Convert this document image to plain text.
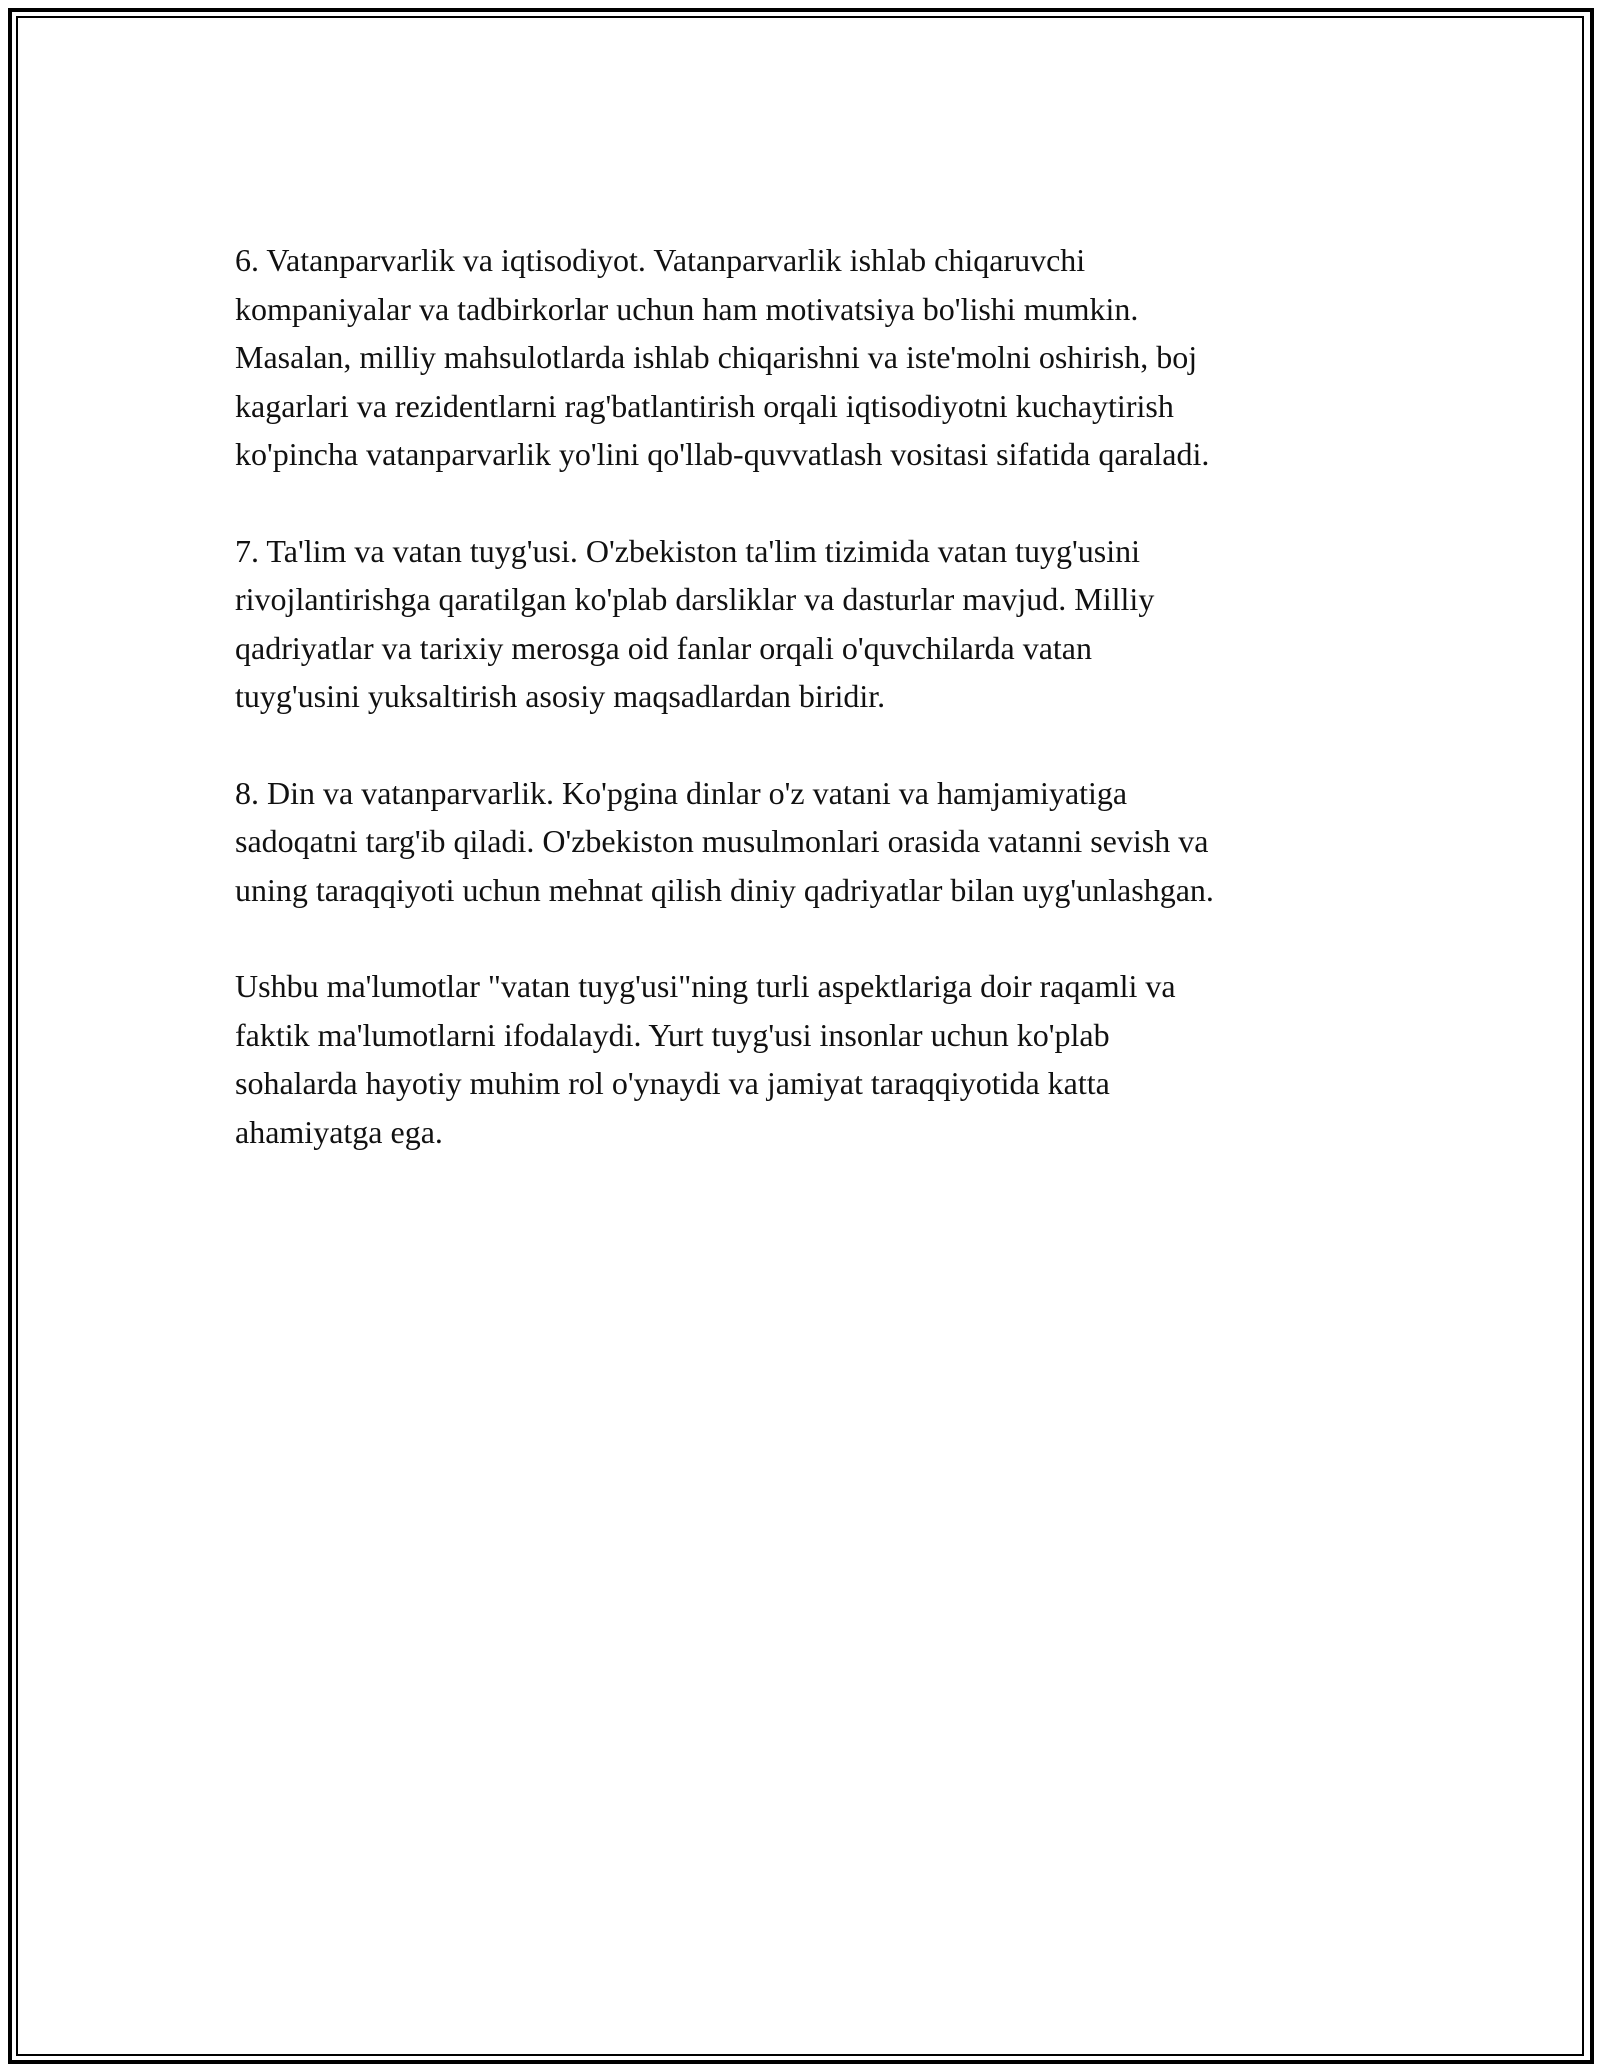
6. Vatanparvarlik va iqtisodiyot. Vatanparvarlik ishlab chiqaruvchi
kompaniyalar va tadbirkorlar uchun ham motivatsiya bo'lishi mumkin.
Masalan, milliy mahsulotlarda ishlab chiqarishni va iste'molni oshirish, boj
kagarlari va rezidentlarni rag'batlantirish orqali iqtisodiyotni kuchaytirish
ko'pincha vatanparvarlik yo'lini qo'llab-quvvatlash vositasi sifatida qaraladi.

7. Ta'lim va vatan tuyg'usi. O'zbekiston ta'lim tizimida vatan tuyg'usini
rivojlantirishga qaratilgan ko'plab darsliklar va dasturlar mavjud. Milliy
qadriyatlar va tarixiy merosga oid fanlar orqali o'quvchilarda vatan
tuyg'usini yuksaltirish asosiy maqsadlardan biridir.

8. Din va vatanparvarlik. Ko'pgina dinlar o'z vatani va hamjamiyatiga
sadoqatni targ'ib qiladi. O'zbekiston musulmonlari orasida vatanni sevish va
uning taraqqiyoti uchun mehnat qilish diniy qadriyatlar bilan uyg'unlashgan.

Ushbu ma'lumotlar "vatan tuyg'usi"ning turli aspektlariga doir raqamli va
faktik ma'lumotlarni ifodalaydi. Yurt tuyg'usi insonlar uchun ko'plab
sohalarda hayotiy muhim rol o'ynaydi va jamiyat taraqqiyotida katta
ahamiyatga ega.
